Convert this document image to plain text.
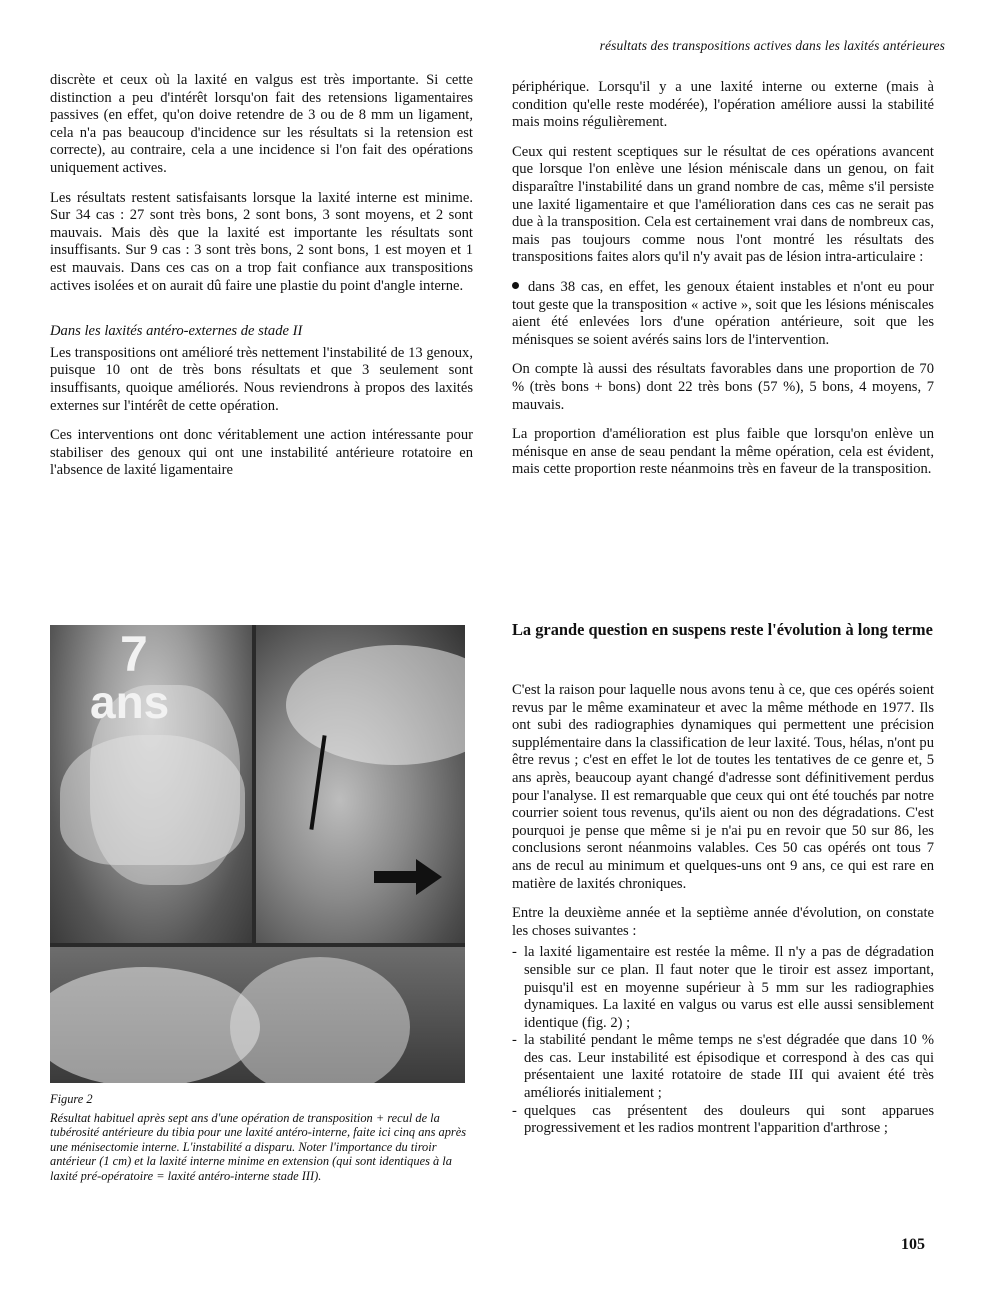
résultats des transpositions actives dans les laxités antérieures

discrète et ceux où la laxité en valgus est très importante. Si cette distinction a peu d'intérêt lorsqu'on fait des retensions ligamentaires passives (en effet, qu'on doive retendre de 3 ou de 8 mm un ligament, cela n'a pas beaucoup d'incidence sur les résultats si la retension est correcte), au contraire, cela a une incidence si l'on fait des opérations uniquement actives.

Les résultats restent satisfaisants lorsque la laxité interne est minime. Sur 34 cas : 27 sont très bons, 2 sont bons, 3 sont moyens, et 2 sont mauvais. Mais dès que la laxité est importante les résultats sont insuffisants. Sur 9 cas : 3 sont très bons, 2 sont bons, 1 est moyen et 1 est mauvais. Dans ces cas on a trop fait confiance aux transpositions actives isolées et on aurait dû faire une plastie du point d'angle interne.

Dans les laxités antéro-externes de stade II

Les transpositions ont amélioré très nettement l'instabilité de 13 genoux, puisque 10 ont de très bons résultats et que 3 seulement sont insuffisants, quoique améliorés. Nous reviendrons à propos des laxités externes sur l'intérêt de cette opération.

Ces interventions ont donc véritablement une action intéressante pour stabiliser des genoux qui ont une instabilité antérieure rotatoire en l'absence de laxité ligamentaire

périphérique. Lorsqu'il y a une laxité interne ou externe (mais à condition qu'elle reste modérée), l'opération améliore aussi la stabilité mais moins régulièrement.

Ceux qui restent sceptiques sur le résultat de ces opérations avancent que lorsque l'on enlève une lésion méniscale dans un genou, on fait disparaître l'instabilité dans un grand nombre de cas, même s'il persiste une laxité ligamentaire et que l'amélioration dans ces cas ne serait pas due à la transposition. Cela est certainement vrai dans de nombreux cas, mais pas toujours comme nous l'ont montré les résultats des transpositions faites alors qu'il n'y avait pas de lésion intra-articulaire :

dans 38 cas, en effet, les genoux étaient instables et n'ont eu pour tout geste que la transposition « active », soit que les lésions méniscales aient été enlevées lors d'une opération antérieure, soit que les ménisques se soient avérés sains lors de l'intervention.

On compte là aussi des résultats favorables dans une proportion de 70 % (très bons + bons) dont 22 très bons (57 %), 5 bons, 4 moyens, 7 mauvais.

La proportion d'amélioration est plus faible que lorsqu'on enlève un ménisque en anse de seau pendant la même opération, cela est évident, mais cette proportion reste néanmoins très en faveur de la transposition.

La grande question en suspens reste l'évolution à long terme

C'est la raison pour laquelle nous avons tenu à ce, que ces opérés soient revus par le même examinateur et avec la même méthode en 1977. Ils ont subi des radiographies dynamiques qui permettent une précision supplémentaire dans la classification de leur laxité. Tous, hélas, n'ont pu être revus ; c'est en effet le lot de toutes les tentatives de ce genre et, 5 ans après, beaucoup ayant changé d'adresse sont définitivement perdus pour l'analyse. Il est remarquable que ceux qui ont été touchés par notre courrier soient tous revenus, qu'ils aient ou non des dégradations. C'est pourquoi je pense que même si je n'ai pu en revoir que 50 sur 86, les conclusions seront néanmoins valables. Ces 50 cas opérés ont tous 7 ans de recul au minimum et quelques-uns ont 9 ans, ce qui est rare en matière de laxités chroniques.

Entre la deuxième année et la septième année d'évolution, on constate les choses suivantes :

- la laxité ligamentaire est restée la même. Il n'y a pas de dégradation sensible sur ce plan. Il faut noter que le tiroir est assez important, puisqu'il est en moyenne supérieur à 5 mm sur les radiographies dynamiques. La laxité en valgus ou varus est elle aussi sensiblement identique (fig. 2) ;
- la stabilité pendant le même temps ne s'est dégradée que dans 10 % des cas. Leur instabilité est épisodique et correspond à des cas qui présentaient une laxité rotatoire de stade III qui avaient été très améliorés initialement ;
- quelques cas présentent des douleurs qui sont apparues progressivement et les radios montrent l'apparition d'arthrose ;
7
ans

Figure 2

Résultat habituel après sept ans d'une opération de transposition + recul de la tubérosité antérieure du tibia pour une laxité antéro-interne, faite ici cinq ans après une ménisectomie interne. L'instabilité a disparu. Noter l'importance du tiroir antérieur (1 cm) et la laxité interne minime en extension (qui sont identiques à la laxité pré-opératoire = laxité antéro-interne stade III).

105
